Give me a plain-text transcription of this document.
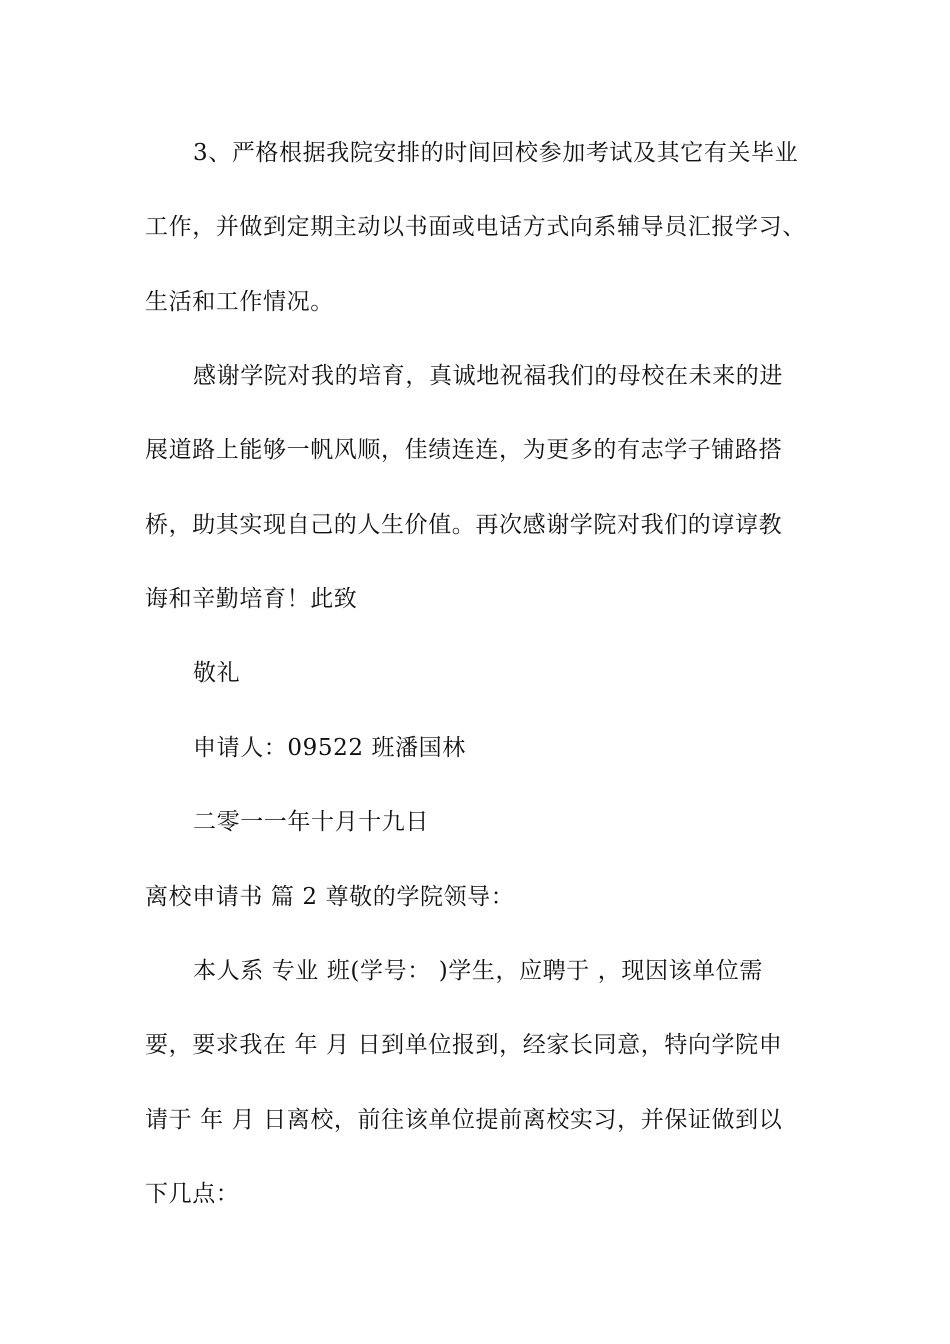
3、严格根据我院安排的时间回校参加考试及其它有关毕业
工作，并做到定期主动以书面或电话方式向系辅导员汇报学习、
生活和工作情况。
感谢学院对我的培育，真诚地祝福我们的母校在未来的进
展道路上能够一帆风顺，佳绩连连，为更多的有志学子铺路搭
桥，助其实现自己的人生价值。再次感谢学院对我们的谆谆教
诲和辛勤培育！此致
敬礼
申请人：09522 班潘国林
二零一一年十月十九日
离校申请书 篇 2 尊敬的学院领导：
本人系 专业 班(学号： )学生，应聘于 ，现因该单位需
要，要求我在 年 月 日到单位报到，经家长同意，特向学院申
请于 年 月 日离校，前往该单位提前离校实习，并保证做到以
下几点：
